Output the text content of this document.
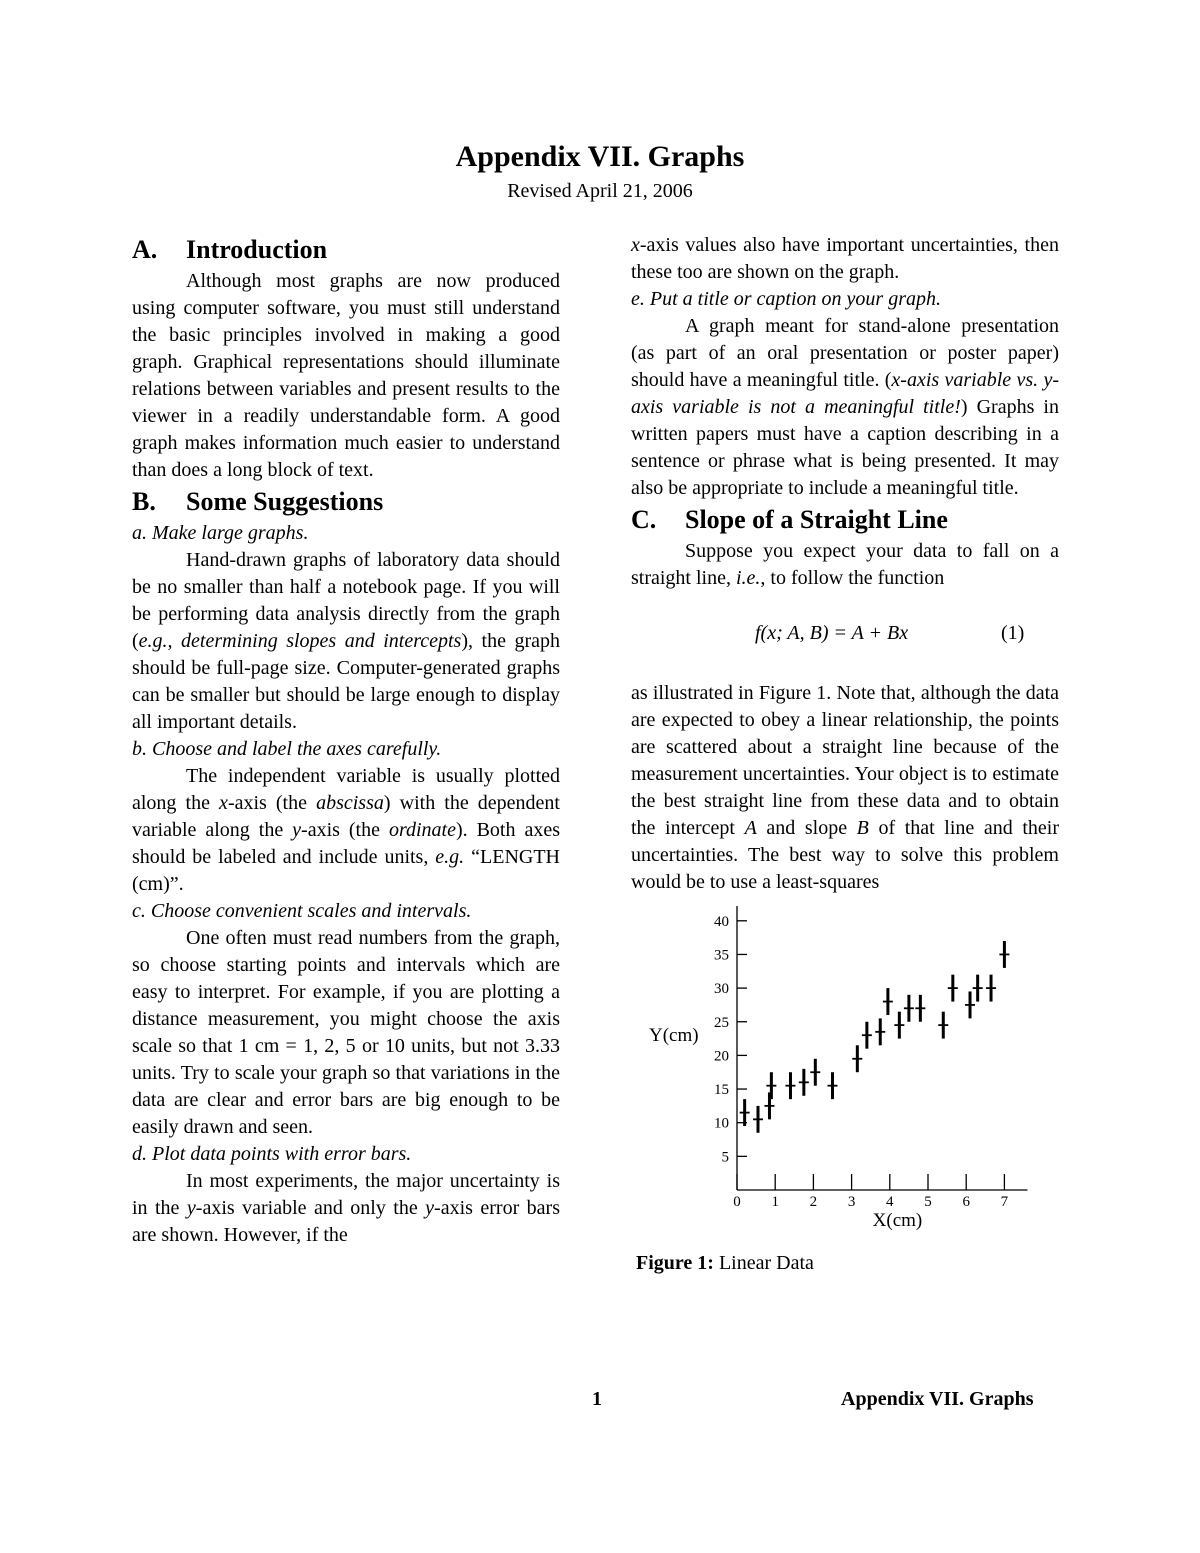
Appendix VII. Graphs
Revised April 21, 2006
A. Introduction

Although most graphs are now produced using computer software, you must still understand the basic principles involved in making a good graph. Graphical representations should illuminate relations between variables and present results to the viewer in a readily understandable form. A good graph makes information much easier to understand than does a long block of text.

B. Some Suggestions
a. Make large graphs.

Hand-drawn graphs of laboratory data should be no smaller than half a notebook page. If you will be performing data analysis directly from the graph (e.g., determining slopes and intercepts), the graph should be full-page size. Computer-generated graphs can be smaller but should be large enough to display all important details.

b. Choose and label the axes carefully.

The independent variable is usually plotted along the x-axis (the abscissa) with the dependent variable along the y-axis (the ordinate). Both axes should be labeled and include units, e.g. “LENGTH (cm)”.

c. Choose convenient scales and intervals.

One often must read numbers from the graph, so choose starting points and intervals which are easy to interpret. For example, if you are plotting a distance measurement, you might choose the axis scale so that 1 cm = 1, 2, 5 or 10 units, but not 3.33 units. Try to scale your graph so that variations in the data are clear and error bars are big enough to be easily drawn and seen.

d. Plot data points with error bars.

In most experiments, the major uncertainty is in the y-axis variable and only the y-axis error bars are shown. However, if the

x-axis values also have important uncertainties, then these too are shown on the graph.

e. Put a title or caption on your graph.

A graph meant for stand-alone presentation (as part of an oral presentation or poster paper) should have a meaningful title. (x-axis variable vs. y-axis variable is not a meaningful title!) Graphs in written papers must have a caption describing in a sentence or phrase what is being presented. It may also be appropriate to include a meaningful title.

C. Slope of a Straight Line

Suppose you expect your data to fall on a straight line, i.e., to follow the function

f(x; A, B) = A + Bx	(1)

as illustrated in Figure 1. Note that, although the data are expected to obey a linear relationship, the points are scattered about a straight line because of the measurement uncertainties. Your object is to estimate the best straight line from these data and to obtain the intercept A and slope B of that line and their uncertainties. The best way to solve this problem would be to use a least-squares

5
10
15
20
25
30
35
40
0 1 2 3 4 5 6 7
Y(cm)
X(cm)
Figure 1: Linear Data
1	Appendix VII. Graphs
